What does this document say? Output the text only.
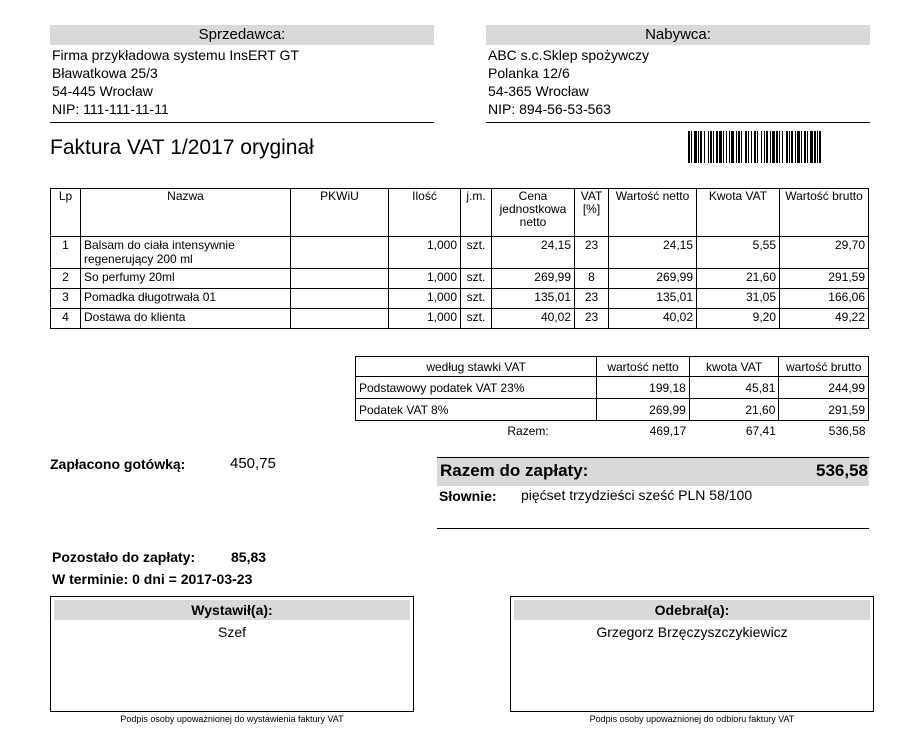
Sprzedawca:
Firma przykładowa systemu InsERT GT
Bławatkowa 25/3
54-445 Wrocław
NIP: 111-111-11-11
Nabywca:
ABC s.c.Sklep spożywczy
Polanka 12/6
54-365 Wrocław
NIP: 894-56-53-563
Faktura VAT 1/2017 oryginał
Lp	Nazwa	PKWiU	Ilość	j.m.	Cena jednostkowa netto	VAT [%]	Wartość netto	Kwota VAT	Wartość brutto
1	Balsam do ciała intensywnie regenerujący 200 ml		1,000	szt.	24,15	23	24,15	5,55	29,70
2	So perfumy 20ml		1,000	szt.	269,99	8	269,99	21,60	291,59
3	Pomadka długotrwała 01		1,000	szt.	135,01	23	135,01	31,05	166,06
4	Dostawa do klienta		1,000	szt.	40,02	23	40,02	9,20	49,22
według stawki VAT	wartość netto	kwota VAT	wartość brutto
Podstawowy podatek VAT 23%	199,18	45,81	244,99
Podatek VAT 8%	269,99	21,60	291,59
Razem:	469,17	67,41	536,58
Zapłacono gotówką:	450,75	Razem do zapłaty:	536,58
Słownie: pięćset trzydzieści sześć PLN 58/100
Pozostało do zapłaty:	85,83
W terminie: 0 dni = 2017-03-23
Wystawił(a):
Szef
Podpis osoby upoważnionej do wystawienia faktury VAT
Odebrał(a):
Grzegorz Brzęczyszczykiewicz
Podpis osoby upoważnionej do odbioru faktury VAT
